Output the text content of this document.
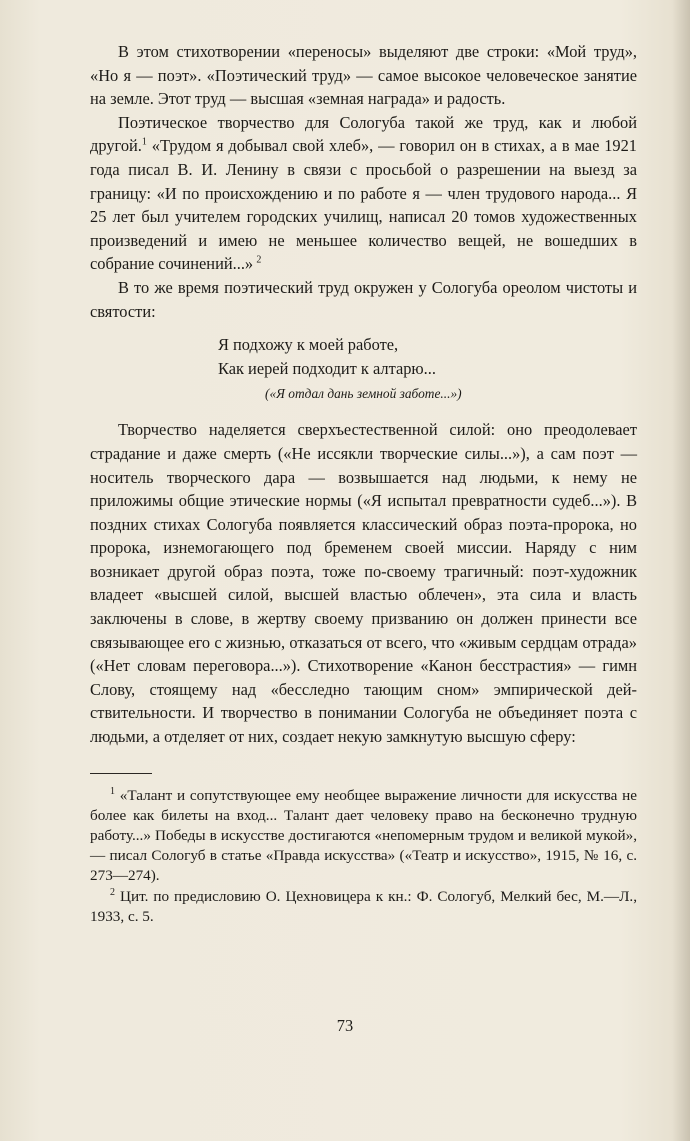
В этом стихотворении «переносы» выделяют две строки: «Мой труд», «Но я — поэт». «Поэтический труд» — самое высокое человеческое занятие на земле. Этот труд — высшая «земная награда» и радость.

Поэтическое творчество для Сологуба такой же труд, как и любой другой.$^1$ «Трудом я добывал свой хлеб», — говорил он в стихах, а в мае 1921 года писал В. И. Ленину в связи с просьбой о разрешении на выезд за границу: «И по происхождению и по работе я — член трудового народа... Я 25 лет был учителем городских училищ, написал 20 томов художественных произведений и имею не меньшее количество вещей, не вошедших в собрание сочинений...»  $^2$

В то же время поэтический труд окружен у Сологуба ореолом чистоты и святости:

Я подхожу к моей работе,
Как иерей подходит к алтарю...
(«Я отдал дань земной заботе...»)

Творчество наделяется сверхъестественной силой: оно преодолевает страдание и даже смерть («Не иссякли творческие силы...»), а сам поэт — носитель творческого дара — возвышается над людьми, к нему не приложимы общие этические нормы («Я испытал превратности судеб...»). В поздних стихах Сологуба появляется классический образ поэта-пророка, но пророка, изнемогающего под бременем своей миссии. Наряду с ним возникает другой образ поэта, тоже по-своему трагичный: поэт-художник владеет «высшей силой, высшей властью облечен», эта сила и власть заключены в слове, в жертву своему призванию он должен принести все связывающее его с жизнью, отказаться от всего, что «живым сердцам отрада» («Нет словам переговора...»). Стихотворение «Канон бесстрастия» — гимн Слову, стоящему над «бесследно тающим сном» эмпирической действительности. И творчество в понимании Сологуба не объединяет поэта с людьми, а отделяет от них, создает некую замкнутую высшую сферу:

$^1$ «Талант и сопутствующее ему необщее выражение личности для искусства не более как билеты на вход... Талант дает человеку право на бесконечно трудную работу...» Победы в искусстве достигаются «непомерным трудом и великой мукой», — писал Сологуб в статье «Правда искусства» («Театр и искусство», 1915, № 16, с. 273—274).

$^2$ Цит. по предисловию О. Цехновицера к кн.: Ф. Сологуб, Мелкий бес, М.—Л., 1933, с. 5.

73
